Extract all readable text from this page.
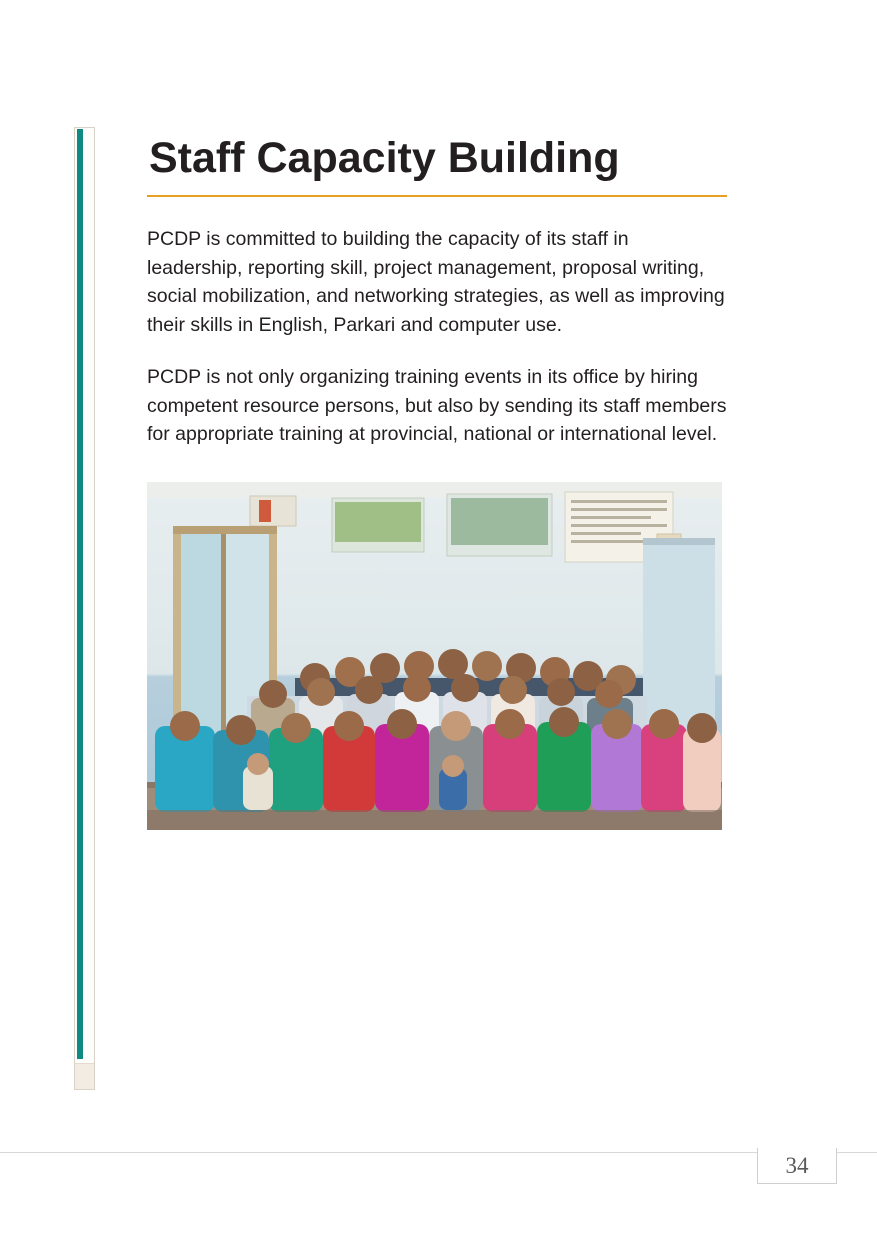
Staff Capacity Building

PCDP is committed to building the capacity of its staff in leadership, reporting skill, project management, proposal writing, social mobilization, and networking strategies, as well as improving their skills in English, Parkari and computer use.

PCDP is not only organizing training events in its office by hiring competent resource persons, but also by sending its staff members for appropriate training at provincial, national or international level.

34
